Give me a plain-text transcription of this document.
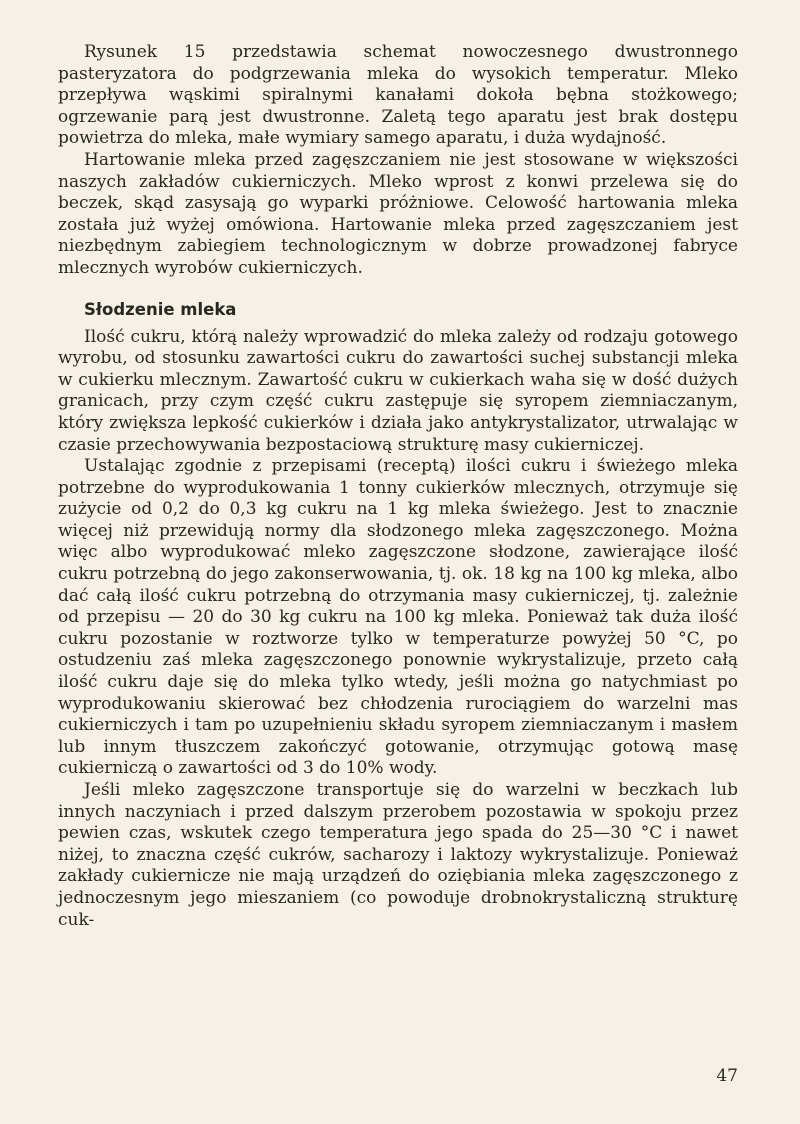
Rysunek 15 przedstawia schemat nowoczesnego dwustronnego pasteryzatora do podgrzewania mleka do wysokich temperatur. Mleko przepływa wąskimi spiralnymi kanałami dokoła bębna stożkowego; ogrzewanie parą jest dwustronne. Zaletą tego aparatu jest brak dostępu powietrza do mleka, małe wymiary samego aparatu, i duża wydajność.

Hartowanie mleka przed zagęszczaniem nie jest stosowane w większości naszych zakładów cukierniczych. Mleko wprost z konwi przelewa się do beczek, skąd zasysają go wyparki próżniowe. Celowość hartowania mleka została już wyżej omówiona. Hartowanie mleka przed zagęszczaniem jest niezbędnym zabiegiem technologicznym w dobrze prowadzonej fabryce mlecznych wyrobów cukierniczych.

Słodzenie mleka

Ilość cukru, którą należy wprowadzić do mleka zależy od rodzaju gotowego wyrobu, od stosunku zawartości cukru do zawartości suchej substancji mleka w cukierku mlecznym. Zawartość cukru w cukierkach waha się w dość dużych granicach, przy czym część cukru zastępuje się syropem ziemniaczanym, który zwiększa lepkość cukierków i działa jako antykrystalizator, utrwalając w czasie przechowywania bezpostaciową strukturę masy cukierniczej.

Ustalając zgodnie z przepisami (receptą) ilości cukru i świeżego mleka potrzebne do wyprodukowania 1 tonny cukierków mlecznych, otrzymuje się zużycie od 0,2 do 0,3 kg cukru na 1 kg mleka świeżego. Jest to znacznie więcej niż przewidują normy dla słodzonego mleka zagęszczonego. Można więc albo wyprodukować mleko zagęszczone słodzone, zawierające ilość cukru potrzebną do jego zakonserwowania, tj. ok. 18 kg na 100 kg mleka, albo dać całą ilość cukru potrzebną do otrzymania masy cukierniczej, tj. zależnie od przepisu — 20 do 30 kg cukru na 100 kg mleka. Ponieważ tak duża ilość cukru pozostanie w roztworze tylko w temperaturze powyżej 50 °C, po ostudzeniu zaś mleka zagęszczonego ponownie wykrystalizuje, przeto całą ilość cukru daje się do mleka tylko wtedy, jeśli można go natychmiast po wyprodukowaniu skierować bez chłodzenia rurociągiem do warzelni mas cukierniczych i tam po uzupełnieniu składu syropem ziemniaczanym i masłem lub innym tłuszczem zakończyć gotowanie, otrzymując gotową masę cukierniczą o zawartości od 3 do 10% wody.

Jeśli mleko zagęszczone transportuje się do warzelni w beczkach lub innych naczyniach i przed dalszym przerobem pozostawia w spokoju przez pewien czas, wskutek czego temperatura jego spada do 25—30 °C i nawet niżej, to znaczna część cukrów, sacharozy i laktozy wykrystalizuje. Ponieważ zakłady cukiernicze nie mają urządzeń do oziębiania mleka zagęszczonego z jednoczesnym jego mieszaniem (co powoduje drobnokrystaliczną strukturę cuk-

47
